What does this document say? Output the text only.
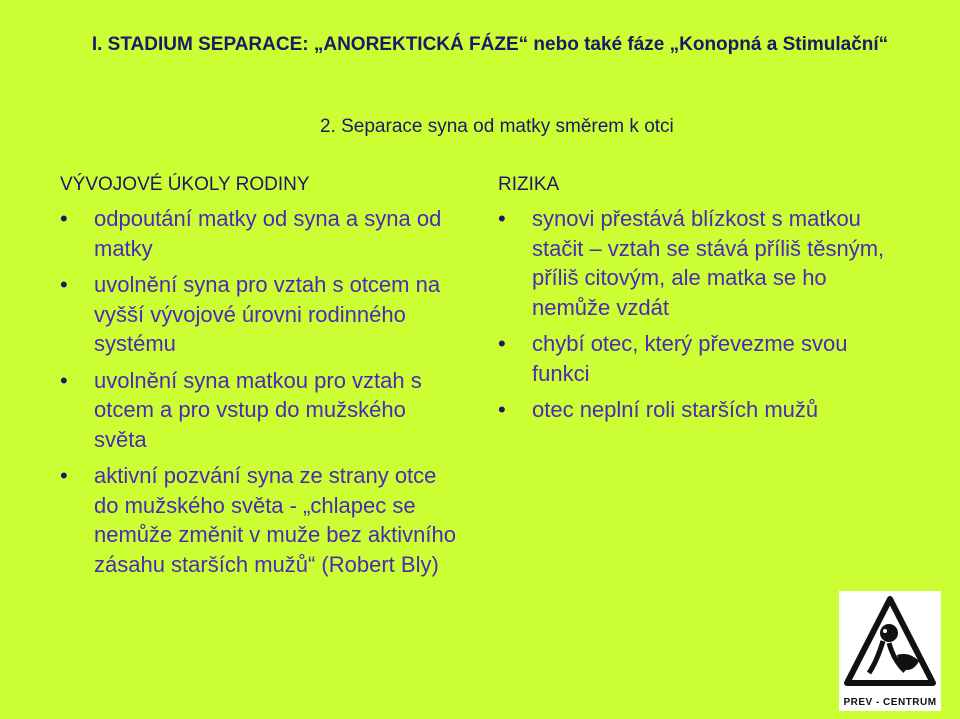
I. STADIUM SEPARACE: „ANOREKTICKÁ FÁZE“ nebo také fáze „Konopná a Stimulační“
2. Separace syna od matky směrem k otci
VÝVOJOVÉ ÚKOLY RODINY
• odpoutání matky od syna a syna od matky
• uvolnění syna pro vztah s otcem na vyšší vývojové úrovni rodinného systému
• uvolnění syna matkou pro vztah s otcem a pro vstup do mužského světa
• aktivní pozvání syna ze strany otce do mužského světa - „chlapec se nemůže změnit v muže bez aktivního zásahu starších mužů“ (Robert Bly)
RIZIKA
• synovi přestává blízkost s matkou stačit – vztah se stává příliš těsným, příliš citovým, ale matka se ho nemůže vzdát
• chybí otec, který převezme svou funkci
• otec neplní roli starších mužů
PREV - CENTRUM
